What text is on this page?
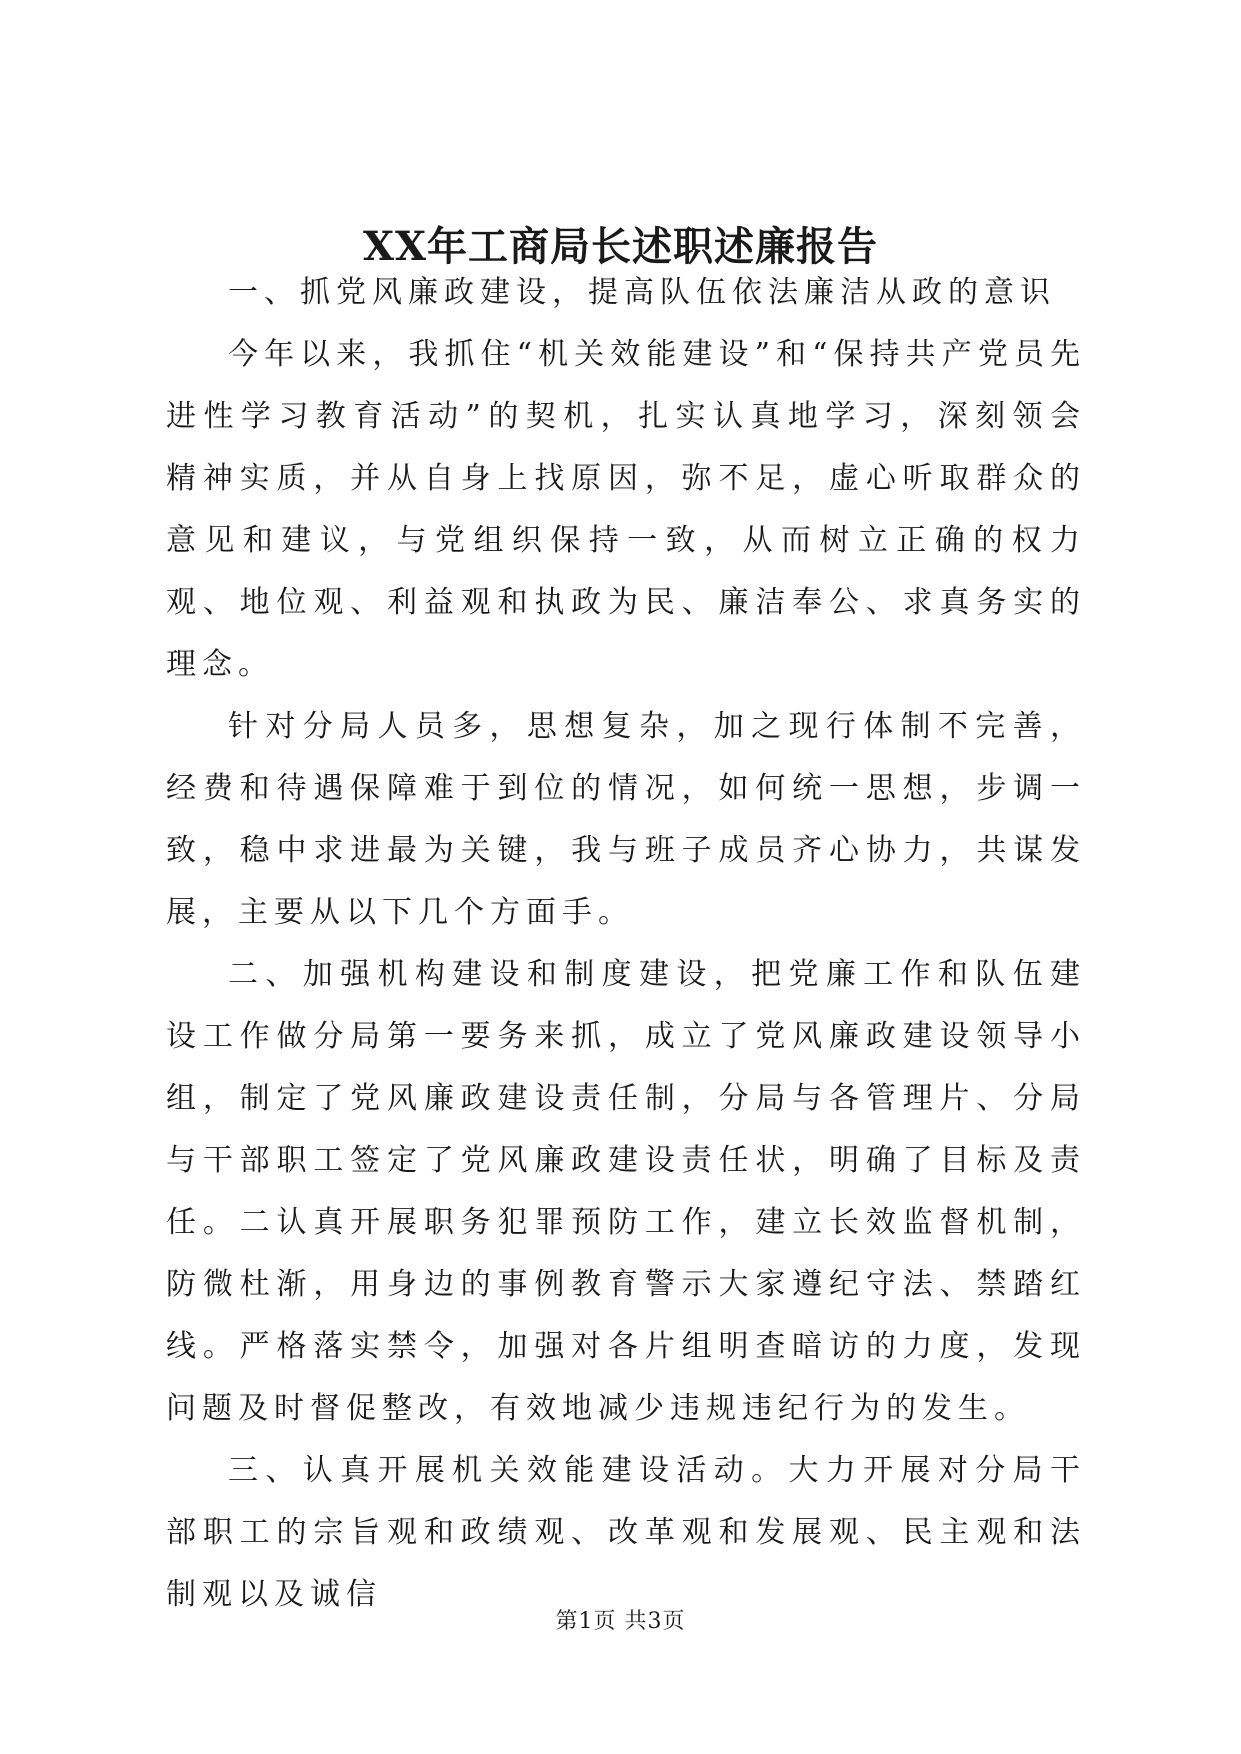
XX年工商局长述职述廉报告

一、抓党风廉政建设，提高队伍依法廉洁从政的意识

今年以来，我抓住“机关效能建设”和“保持共产党员先进性学习教育活动”的契机，扎实认真地学习，深刻领会精神实质，并从自身上找原因，弥不足，虚心听取群众的意见和建议，与党组织保持一致，从而树立正确的权力观、地位观、利益观和执政为民、廉洁奉公、求真务实的理念。

针对分局人员多，思想复杂，加之现行体制不完善，经费和待遇保障难于到位的情况，如何统一思想，步调一致，稳中求进最为关键，我与班子成员齐心协力，共谋发展，主要从以下几个方面手。

二、加强机构建设和制度建设，把党廉工作和队伍建设工作做分局第一要务来抓，成立了党风廉政建设领导小组，制定了党风廉政建设责任制，分局与各管理片、分局与干部职工签定了党风廉政建设责任状，明确了目标及责任。二认真开展职务犯罪预防工作，建立长效监督机制，防微杜渐，用身边的事例教育警示大家遵纪守法、禁踏红线。严格落实禁令，加强对各片组明查暗访的力度，发现问题及时督促整改，有效地减少违规违纪行为的发生。

三、认真开展机关效能建设活动。大力开展对分局干部职工的宗旨观和政绩观、改革观和发展观、民主观和法制观以及诚信

第1页 共3页
